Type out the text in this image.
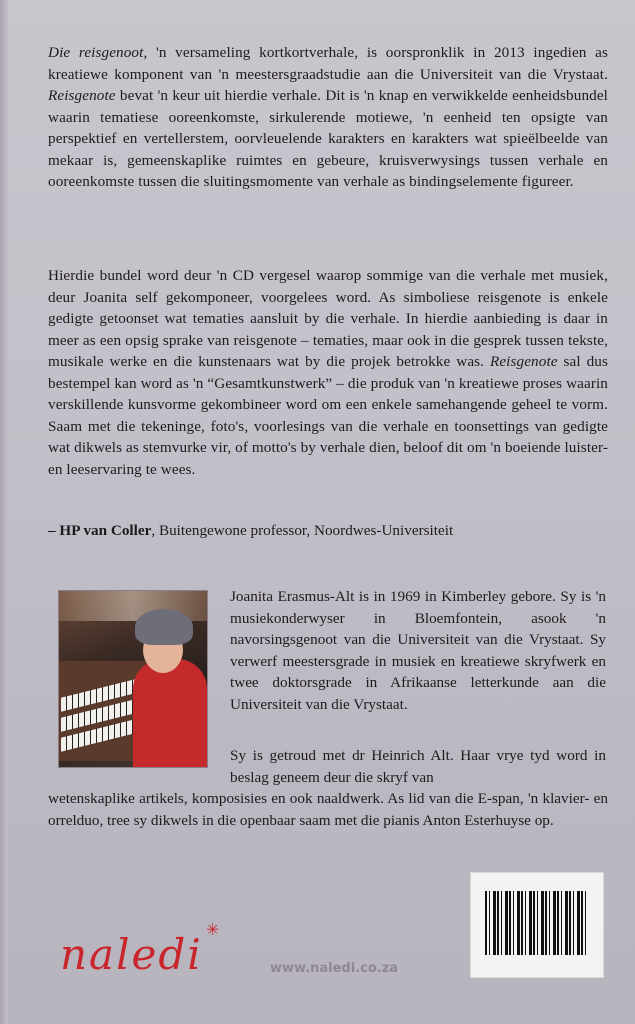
Die reisgenoot, 'n versameling kortkortverhale, is oorspronklik in 2013 ingedien as kreatiewe komponent van 'n meestersgraadstudie aan die Universiteit van die Vrystaat. Reisgenote bevat 'n keur uit hierdie verhale. Dit is 'n knap en verwikkelde eenheidsbundel waarin tematiese ooreenkomste, sirkulerende motiewe, 'n eenheid ten opsigte van perspektief en vertellerstem, oorvleuelende karakters en karakters wat spieëlbeelde van mekaar is, gemeenskaplike ruimtes en gebeure, kruisverwysings tussen verhale en ooreenkomste tussen die sluitingsmomente van verhale as bindingselemente figureer.
Hierdie bundel word deur 'n CD vergesel waarop sommige van die verhale met musiek, deur Joanita self gekomponeer, voorgelees word. As simboliese reisgenote is enkele gedigte getoonset wat tematies aansluit by die verhale. In hierdie aanbieding is daar in meer as een opsig sprake van reisgenote – tematies, maar ook in die gesprek tussen tekste, musikale werke en die kunstenaars wat by die projek betrokke was. Reisgenote sal dus bestempel kan word as 'n “Gesamtkunstwerk” – die produk van 'n kreatiewe proses waarin verskillende kunsvorme gekombineer word om een enkele samehangende geheel te vorm. Saam met die tekeninge, foto's, voorlesings van die verhale en toonsettings van gedigte wat dikwels as stemvurke vir, of motto's by verhale dien, beloof dit om 'n boeiende luister- en leeservaring te wees.
– HP van Coller, Buitengewone professor, Noordwes-Universiteit
Joanita Erasmus-Alt is in 1969 in Kimberley gebore. Sy is 'n musiekonderwyser in Bloemfontein, asook 'n navorsingsgenoot van die Universiteit van die Vrystaat. Sy verwerf meestersgrade in musiek en kreatiewe skryfwerk en twee doktorsgrade in Afrikaanse letterkunde aan die Universiteit van die Vrystaat.
Sy is getroud met dr Heinrich Alt. Haar vrye tyd word in beslag geneem deur die skryf van
wetenskaplike artikels, komposisies en ook naaldwerk. As lid van die E-span, 'n klavier- en orrelduo, tree sy dikwels in die openbaar saam met die pianis Anton Esterhuyse op.
naledi
✳
www.naledi.co.za
